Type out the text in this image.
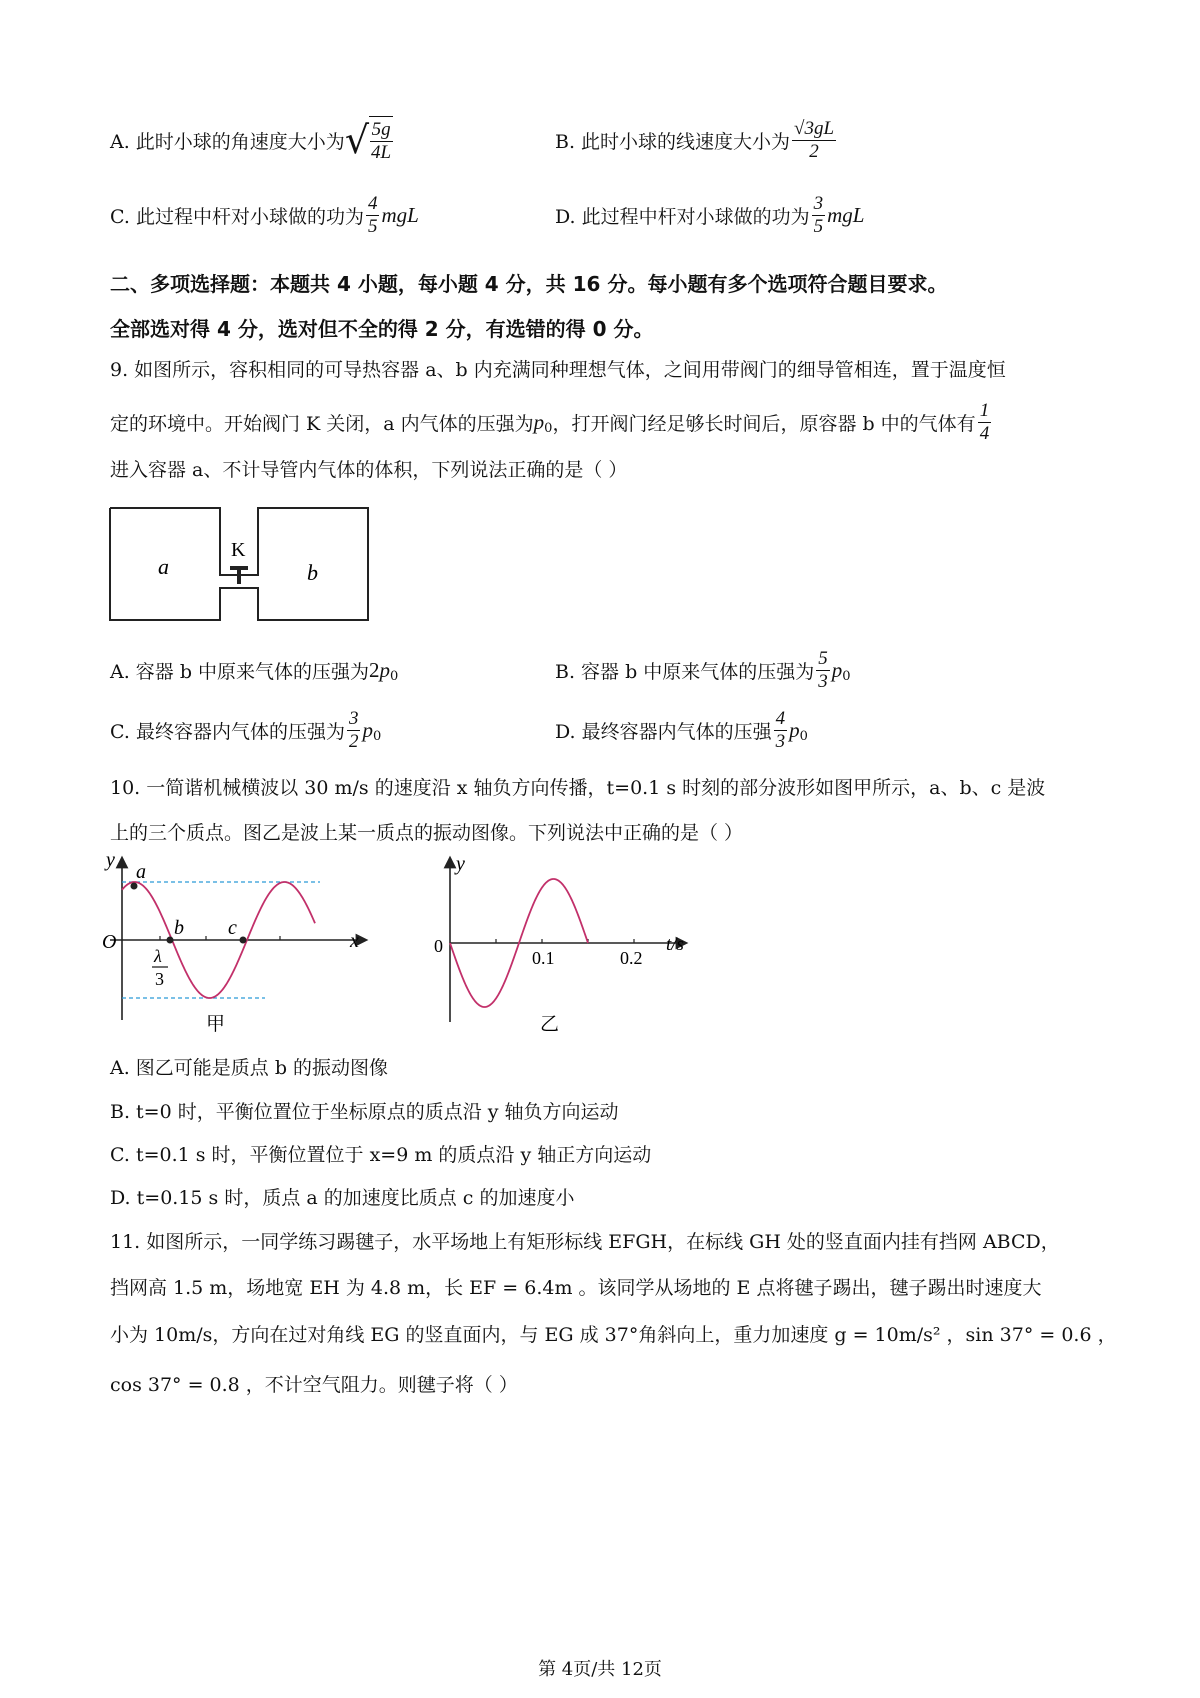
A. 此时小球的角速度大小为 √ $\frac{5g}{4L}$	B. 此时小球的线速度大小为 $\frac{√3gL}{2}$
C. 此过程中杆对小球做的功为 $\frac{4}{5}$ mgL	D. 此过程中杆对小球做的功为 $\frac{3}{5}$ mgL
二、多项选择题：本题共 4 小题，每小题 4 分，共 16 分。每小题有多个选项符合题目要求。
全部选对得 4 分，选对但不全的得 2 分，有选错的得 0 分。
9. 如图所示，容积相同的可导热容器 a、b 内充满同种理想气体，之间用带阀门的细导管相连，置于温度恒
定的环境中。开始阀门 K 关闭，a 内气体的压强为 p 0 ，打开阀门经足够长时间后，原容器 b 中的气体有 $\frac{1}{4}$
进入容器 a、不计导管内气体的体积，下列说法正确的是（ ）
a
K
b
A. 容器 b 中原来气体的压强为 2 p 0	B. 容器 b 中原来气体的压强为 $\frac{5}{3}$ p 0
C. 最终容器内气体的压强为 $\frac{3}{2}$ p 0	D. 最终容器内气体的压强 $\frac{4}{3}$ p 0
10. 一简谐机械横波以 30 m/s 的速度沿 x 轴负方向传播，t=0.1 s 时刻的部分波形如图甲所示，a、b、c 是波
上的三个质点。图乙是波上某一质点的振动图像。下列说法中正确的是（ ）
y
x
O
a
b c
λ
3
甲
y
0
0.1	0.2
t/s
乙
A. 图乙可能是质点 b 的振动图像
B. t=0 时，平衡位置位于坐标原点的质点沿 y 轴负方向运动
C. t=0.1 s 时，平衡位置位于 x=9 m 的质点沿 y 轴正方向运动
D. t=0.15 s 时，质点 a 的加速度比质点 c 的加速度小
11. 如图所示，一同学练习踢毽子，水平场地上有矩形标线 EFGH，在标线 GH 处的竖直面内挂有挡网 ABCD，
挡网高 1.5 m，场地宽 EH 为 4.8 m，长 EF = 6.4m 。该同学从场地的 E 点将毽子踢出，毽子踢出时速度大
小为 10m/s，方向在过对角线 EG 的竖直面内，与 EG 成 37°角斜向上，重力加速度 g = 10m/s² ，sin 37° = 0.6 ，
cos 37° = 0.8 ，不计空气阻力。则毽子将（ ）
第 4页/共 12页
